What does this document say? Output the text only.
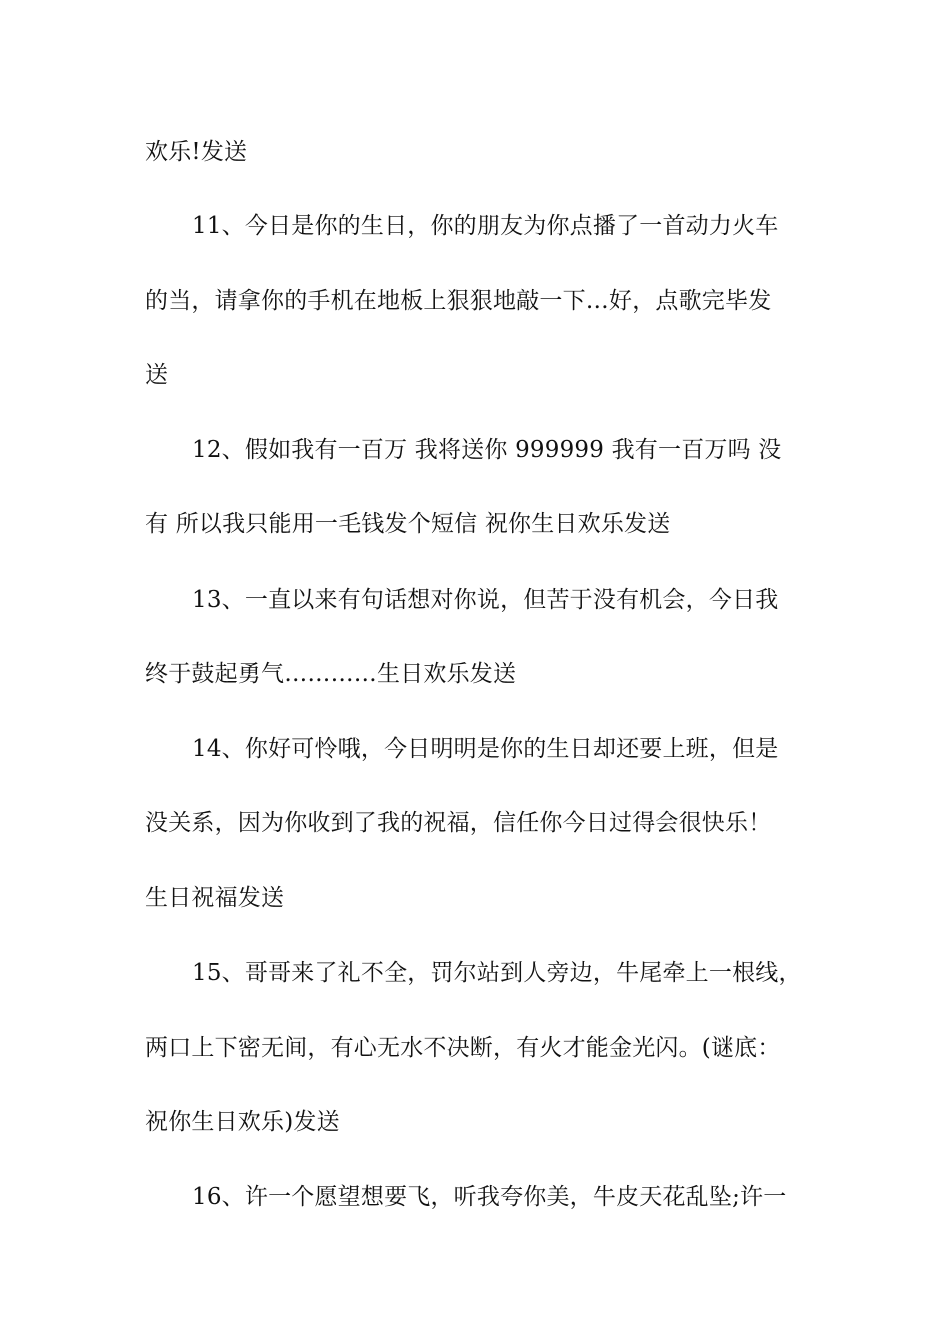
欢乐!发送
11、今日是你的生日，你的朋友为你点播了一首动力火车
的当，请拿你的手机在地板上狠狠地敲一下…好，点歌完毕发
送
12、假如我有一百万 我将送你 999999 我有一百万吗 没
有 所以我只能用一毛钱发个短信 祝你生日欢乐发送
13、一直以来有句话想对你说，但苦于没有机会，今日我
终于鼓起勇气…………生日欢乐发送
14、你好可怜哦，今日明明是你的生日却还要上班，但是
没关系，因为你收到了我的祝福，信任你今日过得会很快乐！
生日祝福发送
15、哥哥来了礼不全，罚尔站到人旁边，牛尾牵上一根线，
两口上下密无间，有心无水不决断，有火才能金光闪。(谜底：
祝你生日欢乐)发送
16、许一个愿望想要飞，听我夸你美，牛皮天花乱坠;许一
